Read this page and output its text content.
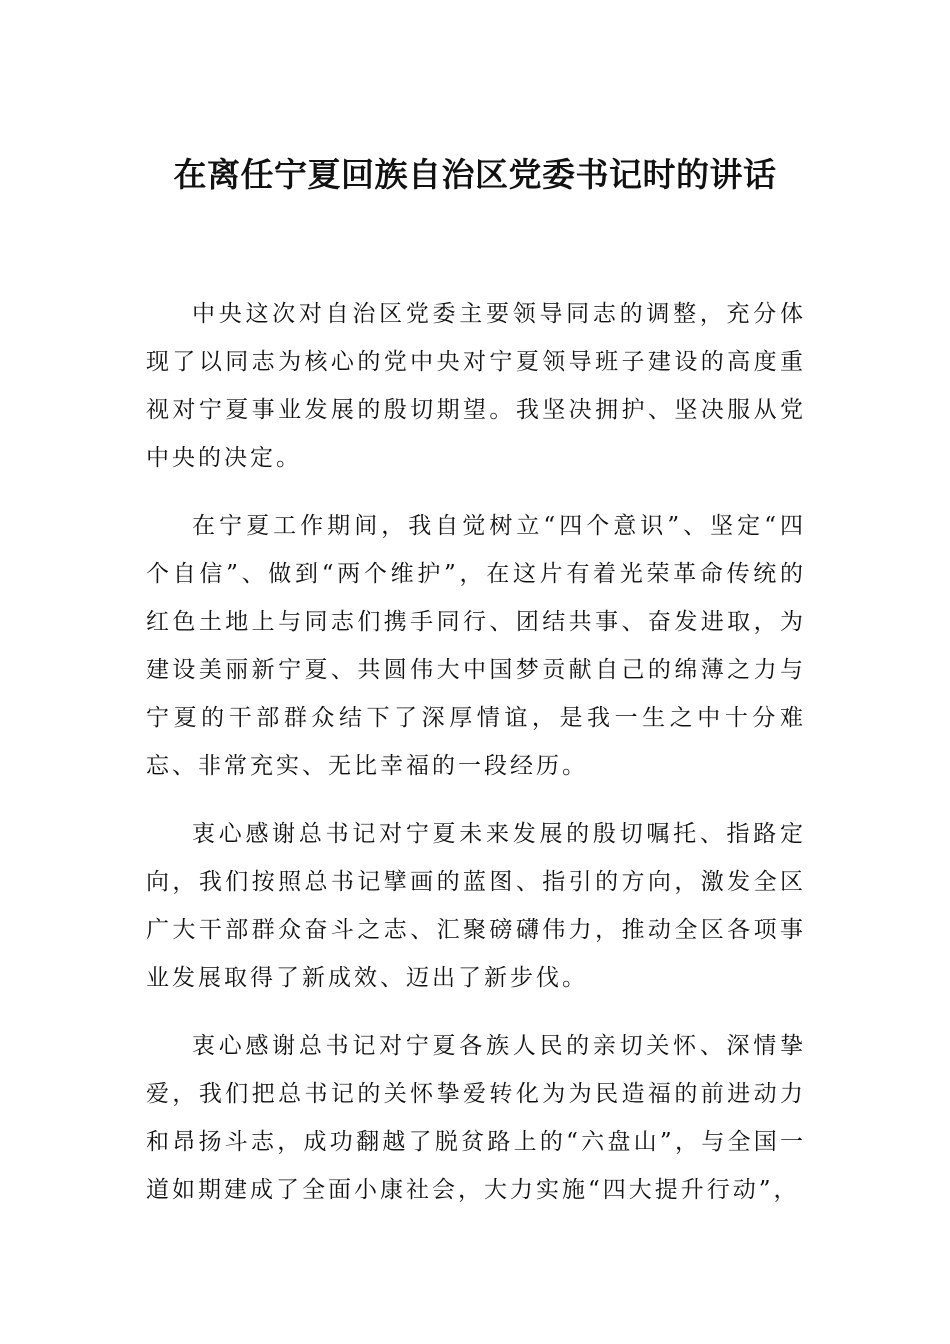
在离任宁夏回族自治区党委书记时的讲话

中央这次对自治区党委主要领导同志的调整，充分体现了以同志为核心的党中央对宁夏领导班子建设的高度重视对宁夏事业发展的殷切期望。我坚决拥护、坚决服从党中央的决定。

在宁夏工作期间，我自觉树立“四个意识”、坚定“四个自信”、做到“两个维护”，在这片有着光荣革命传统的红色土地上与同志们携手同行、团结共事、奋发进取，为建设美丽新宁夏、共圆伟大中国梦贡献自己的绵薄之力与宁夏的干部群众结下了深厚情谊，是我一生之中十分难忘、非常充实、无比幸福的一段经历。

衷心感谢总书记对宁夏未来发展的殷切嘱托、指路定向，我们按照总书记擘画的蓝图、指引的方向，激发全区广大干部群众奋斗之志、汇聚磅礴伟力，推动全区各项事业发展取得了新成效、迈出了新步伐。

衷心感谢总书记对宁夏各族人民的亲切关怀、深情挚爱，我们把总书记的关怀挚爱转化为为民造福的前进动力和昂扬斗志，成功翻越了脱贫路上的“六盘山”，与全国一道如期建成了全面小康社会，大力实施“四大提升行动”，
